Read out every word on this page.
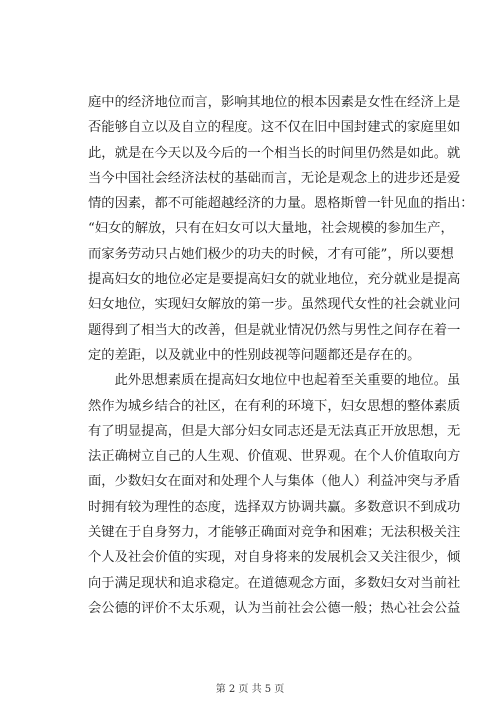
庭中的经济地位而言，影响其地位的根本因素是女性在经济上是
否能够自立以及自立的程度。这不仅在旧中国封建式的家庭里如
此，就是在今天以及今后的一个相当长的时间里仍然是如此。就
当今中国社会经济法杖的基础而言，无论是观念上的进步还是爱
情的因素，都不可能超越经济的力量。恩格斯曾一针见血的指出：
“妇女的解放，只有在妇女可以大量地，社会规模的参加生产，
而家务劳动只占她们极少的功夫的时候，才有可能”，所以要想
提高妇女的地位必定是要提高妇女的就业地位，充分就业是提高
妇女地位，实现妇女解放的第一步。虽然现代女性的社会就业问
题得到了相当大的改善，但是就业情况仍然与男性之间存在着一
定的差距，以及就业中的性别歧视等问题都还是存在的。
　　此外思想素质在提高妇女地位中也起着至关重要的地位。虽
然作为城乡结合的社区，在有利的环境下，妇女思想的整体素质
有了明显提高，但是大部分妇女同志还是无法真正开放思想，无
法正确树立自己的人生观、价值观、世界观。在个人价值取向方
面，少数妇女在面对和处理个人与集体（他人）利益冲突与矛盾
时拥有较为理性的态度，选择双方协调共赢。多数意识不到成功
关键在于自身努力，才能够正确面对竞争和困难；无法积极关注
个人及社会价值的实现，对自身将来的发展机会又关注很少，倾
向于满足现状和追求稳定。在道德观念方面，多数妇女对当前社
会公德的评价不太乐观，认为当前社会公德一般；热心社会公益
第 2 页 共 5 页
